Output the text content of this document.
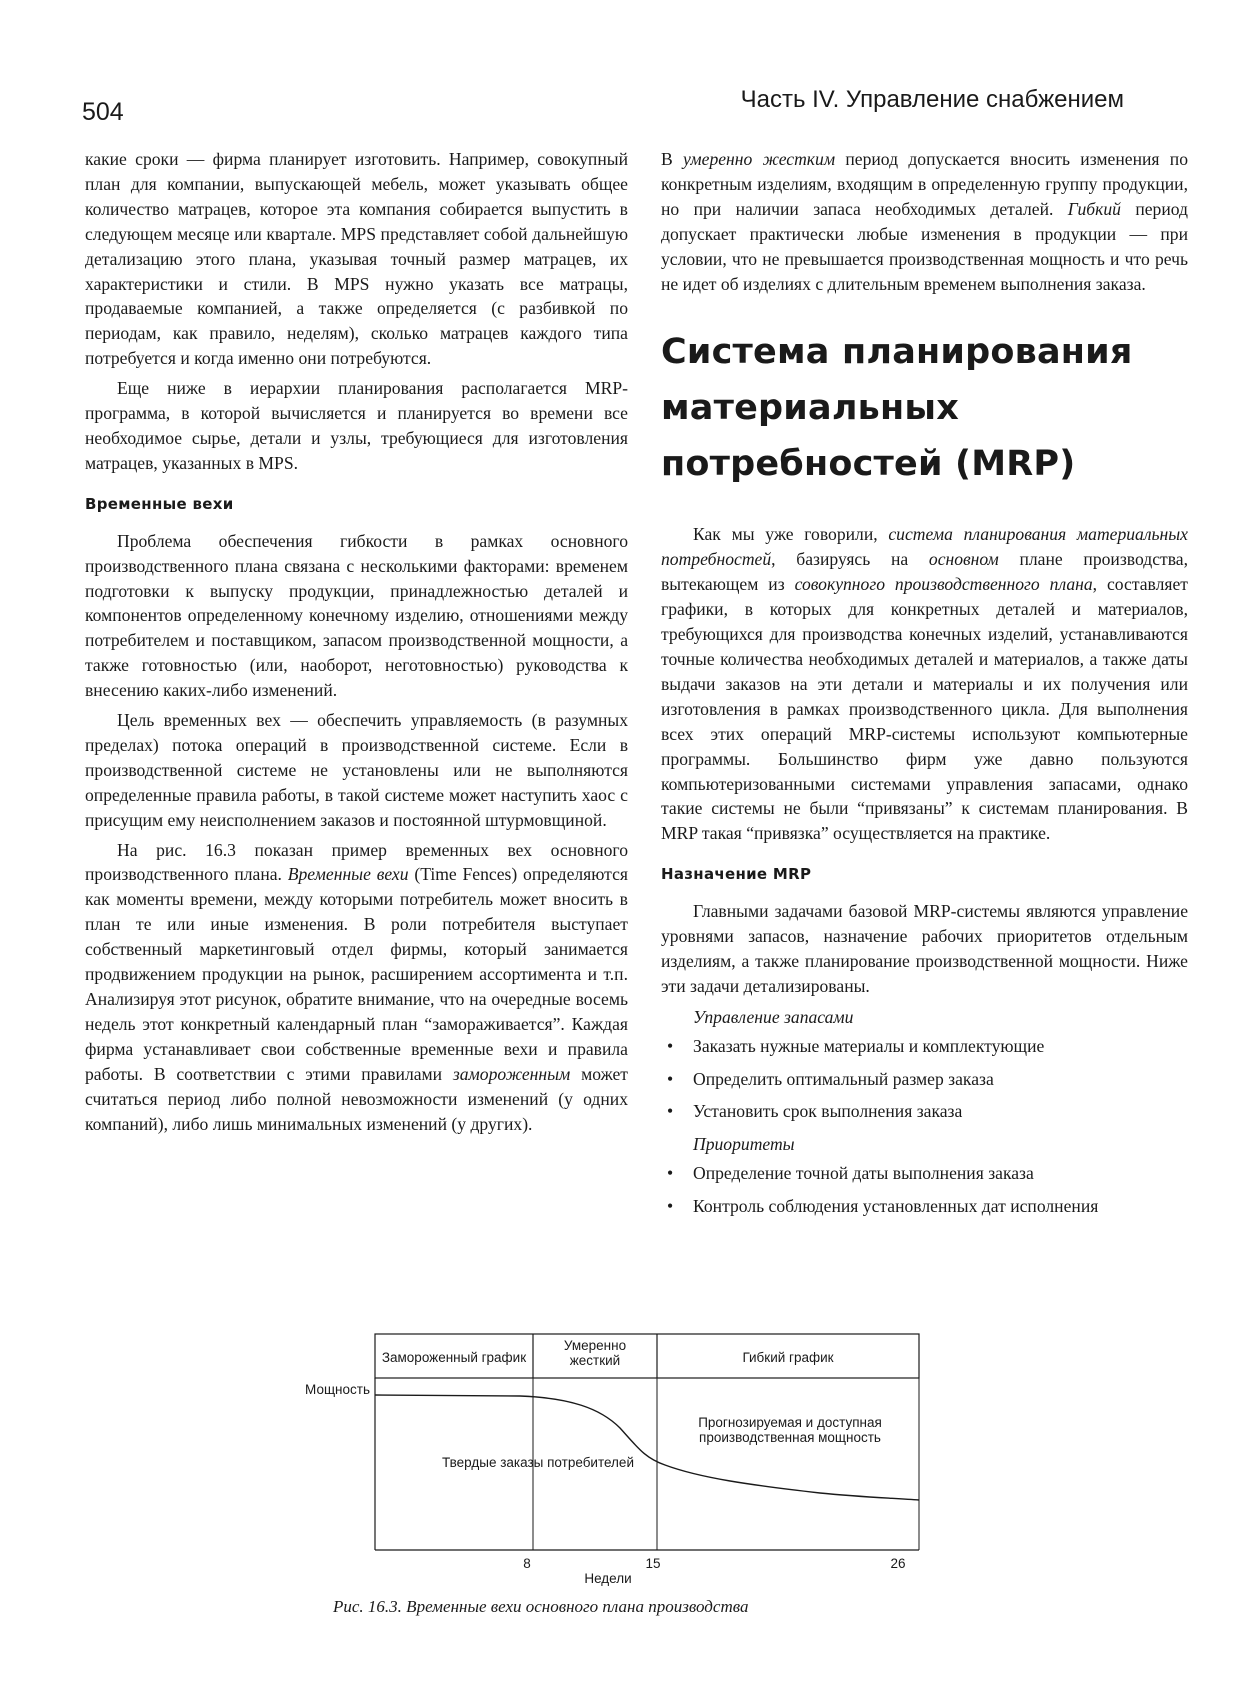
504	Часть IV. Управление снабжением

какие сроки — фирма планирует изготовить. Например, совокупный план для компании, выпускающей мебель, может указывать общее количество матрацев, которое эта компания собирается выпустить в следующем месяце или квартале. MPS представляет собой дальнейшую детализацию этого плана, указывая точный размер матрацев, их характеристики и стили. В MPS нужно указать все матрацы, продаваемые компанией, а также определяется (с разбивкой по периодам, как правило, неделям), сколько матрацев каждого типа потребуется и когда именно они потребуются.

Еще ниже в иерархии планирования располагается MRP-программа, в которой вычисляется и планируется во времени все необходимое сырье, детали и узлы, требующиеся для изготовления матрацев, указанных в MPS.

Временные вехи

Проблема обеспечения гибкости в рамках основного производственного плана связана с несколькими факторами: временем подготовки к выпуску продукции, принадлежностью деталей и компонентов определенному конечному изделию, отношениями между потребителем и поставщиком, запасом производственной мощности, а также готовностью (или, наоборот, неготовностью) руководства к внесению каких-либо изменений.

Цель временных вех — обеспечить управляемость (в разумных пределах) потока операций в производственной системе. Если в производственной системе не установлены или не выполняются определенные правила работы, в такой системе может наступить хаос с присущим ему неисполнением заказов и постоянной штурмовщиной.

На рис. 16.3 показан пример временных вех основного производственного плана. Временные вехи (Time Fences) определяются как моменты времени, между которыми потребитель может вносить в план те или иные изменения. В роли потребителя выступает собственный маркетинговый отдел фирмы, который занимается продвижением продукции на рынок, расширением ассортимента и т.п. Анализируя этот рисунок, обратите внимание, что на очередные восемь недель этот конкретный календарный план “замораживается”. Каждая фирма устанавливает свои собственные временные вехи и правила работы. В соответствии с этими правилами замороженным может считаться период либо полной невозможности изменений (у одних компаний), либо лишь минимальных изменений (у других).

В умеренно жестким период допускается вносить изменения по конкретным изделиям, входящим в определенную группу продукции, но при наличии запаса необходимых деталей. Гибкий период допускает практически любые изменения в продукции — при условии, что не превышается производственная мощность и что речь не идет об изделиях с длительным временем выполнения заказа.

Система планирования материальных потребностей (MRP)

Как мы уже говорили, система планирования материальных потребностей, базируясь на основном плане производства, вытекающем из совокупного производственного плана, составляет графики, в которых для конкретных деталей и материалов, требующихся для производства конечных изделий, устанавливаются точные количества необходимых деталей и материалов, а также даты выдачи заказов на эти детали и материалы и их получения или изготовления в рамках производственного цикла. Для выполнения всех этих операций MRP-системы используют компьютерные программы. Большинство фирм уже давно пользуются компьютеризованными системами управления запасами, однако такие системы не были “привязаны” к системам планирования. В MRP такая “привязка” осуществляется на практике.

Назначение MRP

Главными задачами базовой MRP-системы являются управление уровнями запасов, назначение рабочих приоритетов отдельным изделиям, а также планирование производственной мощности. Ниже эти задачи детализированы.

Управление запасами
• Заказать нужные материалы и комплектующие
• Определить оптимальный размер заказа
• Установить срок выполнения заказа
Приоритеты
• Определение точной даты выполнения заказа
• Контроль соблюдения установленных дат исполнения
Замороженный график
Умеренно
жесткий	Гибкий график
Мощность
Прогнозируемая и доступная
производственная мощность
Твердые заказы потребителей
8	15	26
Недели
Рис. 16.3. Временные вехи основного плана производства
